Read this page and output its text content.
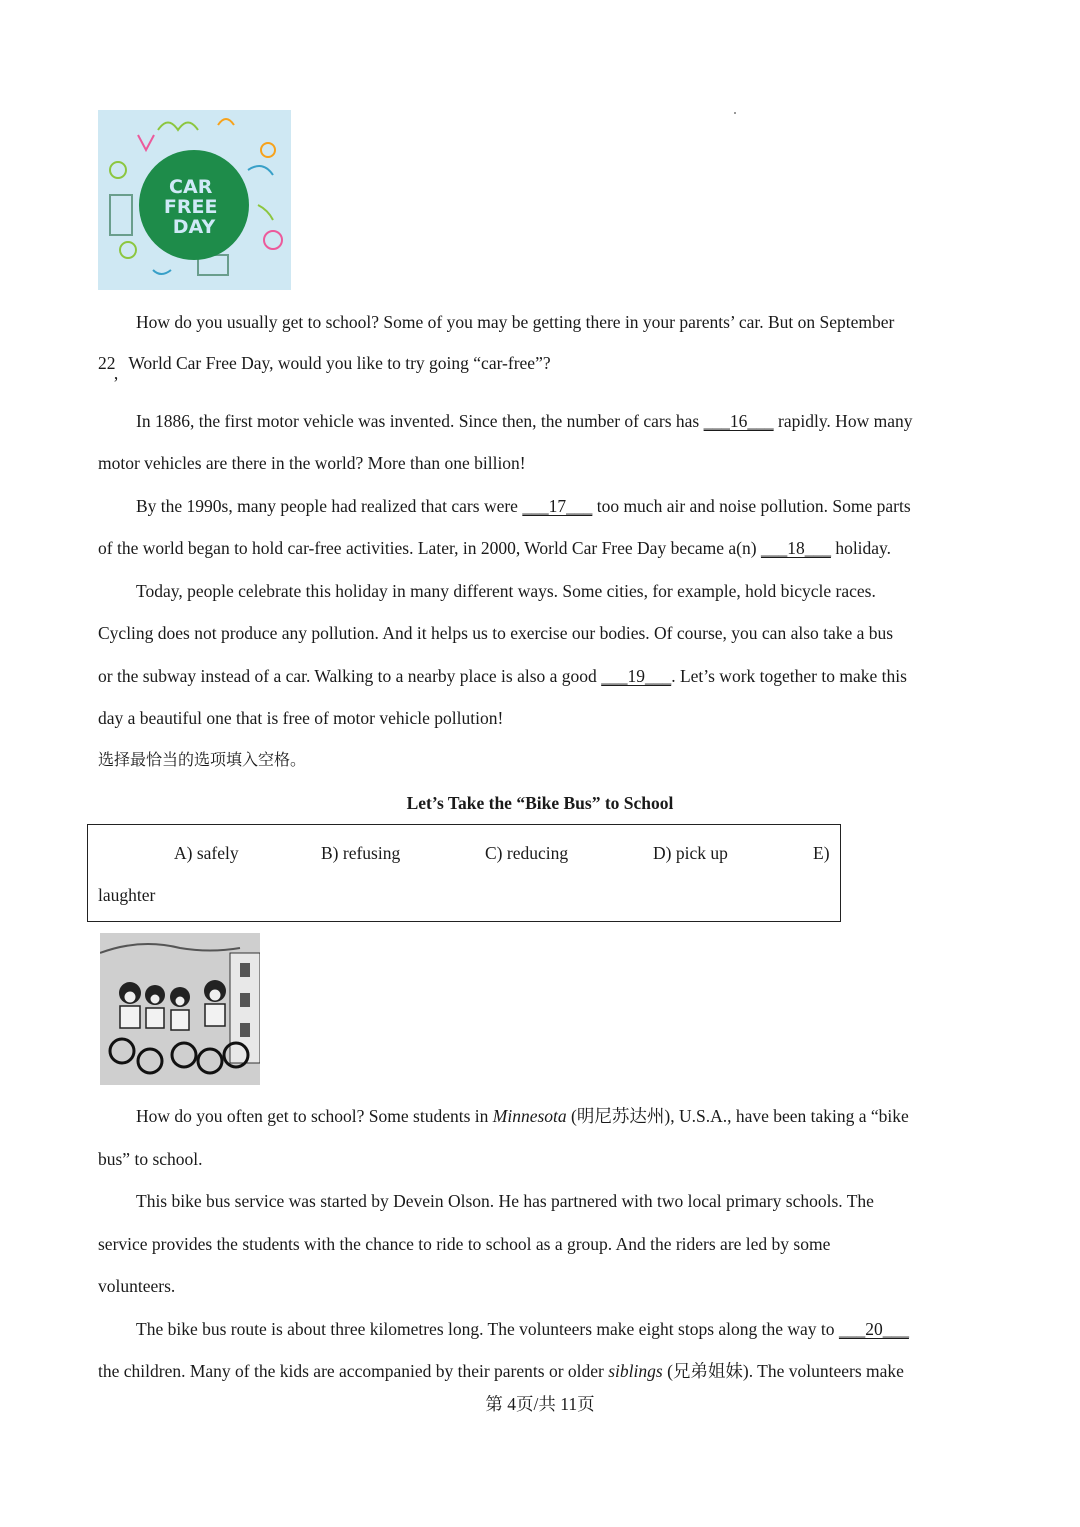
CAR FREE DAY
How do you usually get to school? Some of you may be getting there in your parents’ car. But on September
22 , World Car Free Day, would you like to try going “car-free”?
In 1886, the first motor vehicle was invented. Since then, the number of cars has ___16___ rapidly. How many
motor vehicles are there in the world? More than one billion!
By the 1990s, many people had realized that cars were ___17___ too much air and noise pollution. Some parts
of the world began to hold car-free activities. Later, in 2000, World Car Free Day became a(n) ___18___ holiday.
Today, people celebrate this holiday in many different ways. Some cities, for example, hold bicycle races.
Cycling does not produce any pollution. And it helps us to exercise our bodies. Of course, you can also take a bus
or the subway instead of a car. Walking to a nearby place is also a good ___19___. Let’s work together to make this
day a beautiful one that is free of motor vehicle pollution!
选择最恰当的选项填入空格。
Let’s Take the “Bike Bus” to School
A) safely	B) refusing	C) reducing	D) pick up	E)
laughter
How do you often get to school? Some students in Minnesota (明尼苏达州), U.S.A., have been taking a “bike
bus” to school.
This bike bus service was started by Devein Olson. He has partnered with two local primary schools. The
service provides the students with the chance to ride to school as a group. And the riders are led by some
volunteers.
The bike bus route is about three kilometres long. The volunteers make eight stops along the way to ___20___
the children. Many of the kids are accompanied by their parents or older siblings (兄弟姐妹). The volunteers make
第 4页/共 11页
